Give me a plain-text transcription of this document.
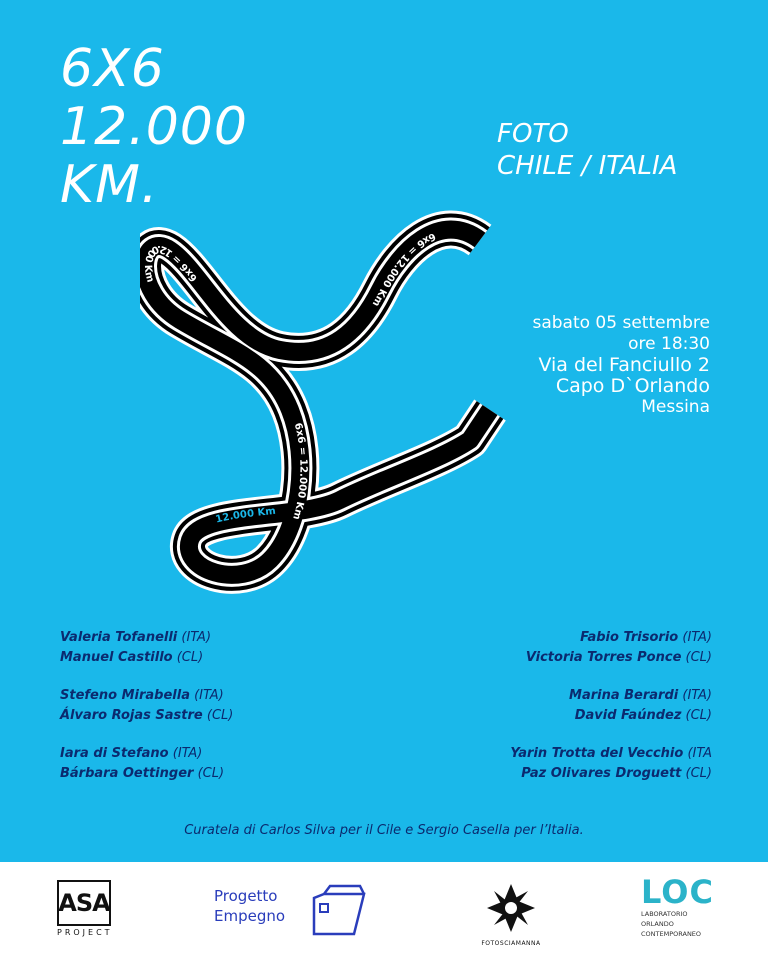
6X6
12.000
KM.
FOTO
CHILE / ITALIA
6x6 = 12.000 Km
6x6 = 12.000 Km
6x6 = 12.000 Km
12.000 Km
sabato 05 settembre
ore 18:30
Via del Fanciullo 2
Capo D`Orlando
Messina
Valeria Tofanelli (ITA)
Manuel Castillo (CL)
Stefeno Mirabella (ITA)
Álvaro Rojas Sastre (CL)
Iara di Stefano (ITA)
Bárbara Oettinger (CL)
Fabio Trisorio (ITA)
Victoria Torres Ponce (CL)
Marina Berardi (ITA)
David Faúndez (CL)
Yarin Trotta del Vecchio (ITA
Paz Olivares Droguett (CL)
Curatela di Carlos Silva per il Cile e Sergio Casella per l’Italia.
ASA
PROJECT
Progetto
Empegno
FOTOSCIAMANNA
LOC
LABORATORIO
ORLANDO
CONTEMPORANEO
